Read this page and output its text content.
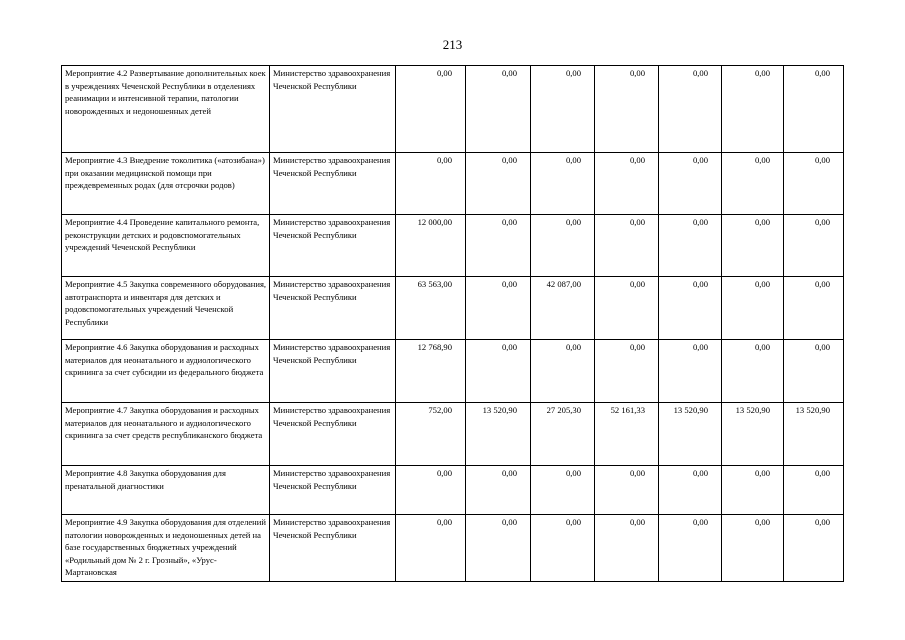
213
Мероприятие 4.2 Развертывание дополнительных коек в учреждениях Чеченской Республики в отделениях реанимации и интенсивной терапии, патологии новорожденных и недоношенных детей	Министерство здравоохранения Чеченской Республики	0,00	0,00	0,00	0,00	0,00	0,00	0,00
Мероприятие 4.3 Внедрение токолитика («атозибана») при оказании медицинской помощи при преждевременных родах (для отсрочки родов)	Министерство здравоохранения Чеченской Республики	0,00	0,00	0,00	0,00	0,00	0,00	0,00
Мероприятие 4.4 Проведение капитального ремонта, реконструкции детских и родовспомогательных учреждений Чеченской Республики	Министерство здравоохранения Чеченской Республики	12 000,00	0,00	0,00	0,00	0,00	0,00	0,00
Мероприятие 4.5 Закупка современного оборудования, автотранспорта и инвентаря для детских и родовспомогательных учреждений Чеченской Республики	Министерство здравоохранения Чеченской Республики	63 563,00	0,00	42 087,00	0,00	0,00	0,00	0,00
Мероприятие 4.6 Закупка оборудования и расходных материалов для неонатального и аудиологического скрининга за счет субсидии из федерального бюджета	Министерство здравоохранения Чеченской Республики	12 768,90	0,00	0,00	0,00	0,00	0,00	0,00
Мероприятие 4.7 Закупка оборудования и расходных материалов для неонатального и аудиологического скрининга за счет средств республиканского бюджета	Министерство здравоохранения Чеченской Республики	752,00	13 520,90	27 205,30	52 161,33	13 520,90	13 520,90	13 520,90
Мероприятие 4.8 Закупка оборудования для пренатальной диагностики	Министерство здравоохранения Чеченской Республики	0,00	0,00	0,00	0,00	0,00	0,00	0,00
Мероприятие 4.9 Закупка оборудования для отделений патологии новорожденных и недоношенных детей на базе государственных бюджетных учреждений «Родильный дом № 2 г. Грозный», «Урус-Мартановская	Министерство здравоохранения Чеченской Республики	0,00	0,00	0,00	0,00	0,00	0,00	0,00
